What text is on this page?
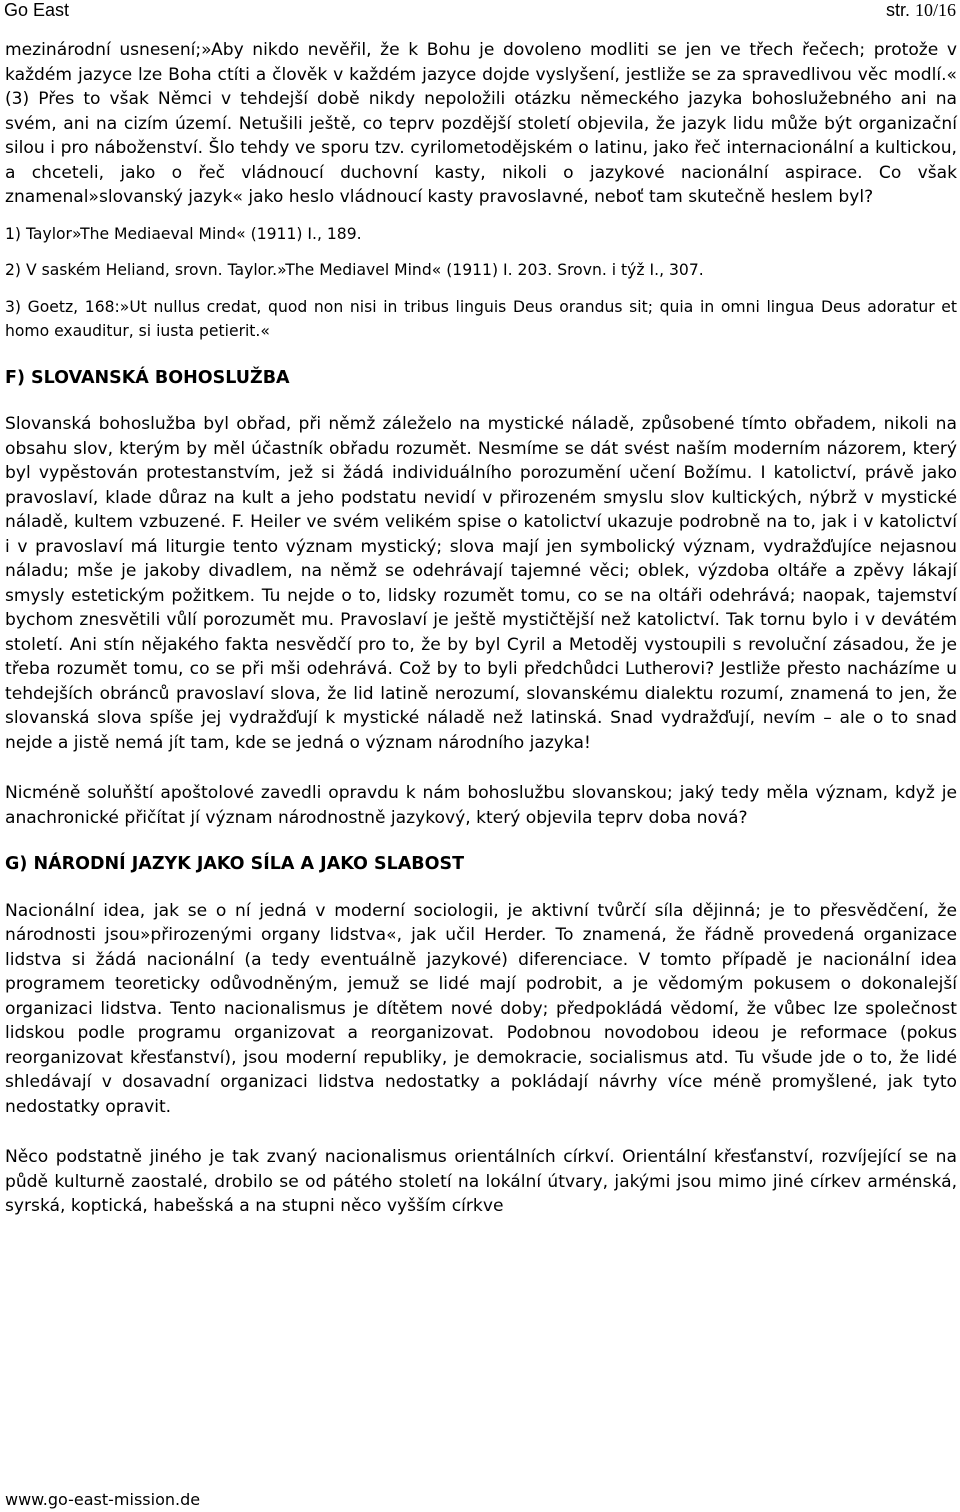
Go East	str. 10/16

mezinárodní usnesení;»Aby nikdo nevěřil, že k Bohu je dovoleno modliti se jen ve třech řečech; protože v každém jazyce lze Boha ctíti a člověk v každém jazyce dojde vyslyšení, jestliže se za spravedlivou věc modlí.« (3) Přes to však Němci v tehdejší době nikdy nepoložili otázku německého jazyka bohoslužebného ani na svém, ani na cizím území. Netušili ještě, co teprv pozdější století objevila, že jazyk lidu může být organizační silou i pro náboženství. Šlo tehdy ve sporu tzv. cyrilometodějském o latinu, jako řeč internacionální a kultickou, a chceteli, jako o řeč vládnoucí duchovní kasty, nikoli o jazykové nacionální aspirace. Co však znamenal»slovanský jazyk« jako heslo vládnoucí kasty pravoslavné, neboť tam skutečně heslem byl?

1) Taylor»The Mediaeval Mind« (1911) I., 189.

2) V saském Heliand, srovn. Taylor.»The Mediavel Mind« (1911) I. 203. Srovn. i týž I., 307.

3) Goetz, 168:»Ut nullus credat, quod non nisi in tribus linguis Deus orandus sit; quia in omni lingua Deus adoratur et homo exauditur, si iusta petierit.«

F) SLOVANSKÁ BOHOSLUŽBA

Slovanská bohoslužba byl obřad, při němž záleželo na mystické náladě, způsobené tímto obřadem, nikoli na obsahu slov, kterým by měl účastník obřadu rozumět. Nesmíme se dát svést naším moderním názorem, který byl vypěstován protestanstvím, jež si žádá individuálního porozumění učení Božímu. I katolictví, právě jako pravoslaví, klade důraz na kult a jeho podstatu nevidí v přirozeném smyslu slov kultických, nýbrž v mystické náladě, kultem vzbuzené. F. Heiler ve svém velikém spise o katolictví ukazuje podrobně na to, jak i v katolictví i v pravoslaví má liturgie tento význam mystický; slova mají jen symbolický význam, vydražďujíce nejasnou náladu; mše je jakoby divadlem, na němž se odehrávají tajemné věci; oblek, výzdoba oltáře a zpěvy lákají smysly estetickým požitkem. Tu nejde o to, lidsky rozumět tomu, co se na oltáři odehrává; naopak, tajemství bychom znesvětili vůlí porozumět mu. Pravoslaví je ještě mystičtější než katolictví. Tak tornu bylo i v devátém století. Ani stín nějakého fakta nesvědčí pro to, že by byl Cyril a Metoděj vystoupili s revoluční zásadou, že je třeba rozumět tomu, co se při mši odehrává. Což by to byli předchůdci Lutherovi? Jestliže přesto nacházíme u tehdejších obránců pravoslaví slova, že lid latině nerozumí, slovanskému dialektu rozumí, znamená to jen, že slovanská slova spíše jej vydražďují k mystické náladě než latinská. Snad vydražďují, nevím – ale o to snad nejde a jistě nemá jít tam, kde se jedná o význam národního jazyka!

Nicméně soluňští apoštolové zavedli opravdu k nám bohoslužbu slovanskou; jaký tedy měla význam, když je anachronické přičítat jí význam národnostně jazykový, který objevila teprv doba nová?

G) NÁRODNÍ JAZYK JAKO SÍLA A JAKO SLABOST

Nacionální idea, jak se o ní jedná v moderní sociologii, je aktivní tvůrčí síla dějinná; je to přesvědčení, že národnosti jsou»přirozenými organy lidstva«, jak učil Herder. To znamená, že řádně provedená organizace lidstva si žádá nacionální (a tedy eventuálně jazykové) diferenciace. V tomto případě je nacionální idea programem teoreticky odůvodněným, jemuž se lidé mají podrobit, a je vědomým pokusem o dokonalejší organizaci lidstva. Tento nacionalismus je dítětem nové doby; předpokládá vědomí, že vůbec lze společnost lidskou podle programu organizovat a reorganizovat. Podobnou novodobou ideou je reformace (pokus reorganizovat křesťanství), jsou moderní republiky, je demokracie, socialismus atd. Tu všude jde o to, že lidé shledávají v dosavadní organizaci lidstva nedostatky a pokládají návrhy více méně promyšlené, jak tyto nedostatky opravit.

Něco podstatně jiného je tak zvaný nacionalismus orientálních církví. Orientální křesťanství, rozvíjející se na půdě kulturně zaostalé, drobilo se od pátého století na lokální útvary, jakými jsou mimo jiné církev arménská, syrská, koptická, habešská a na stupni něco vyšším církve

www.go-east-mission.de
